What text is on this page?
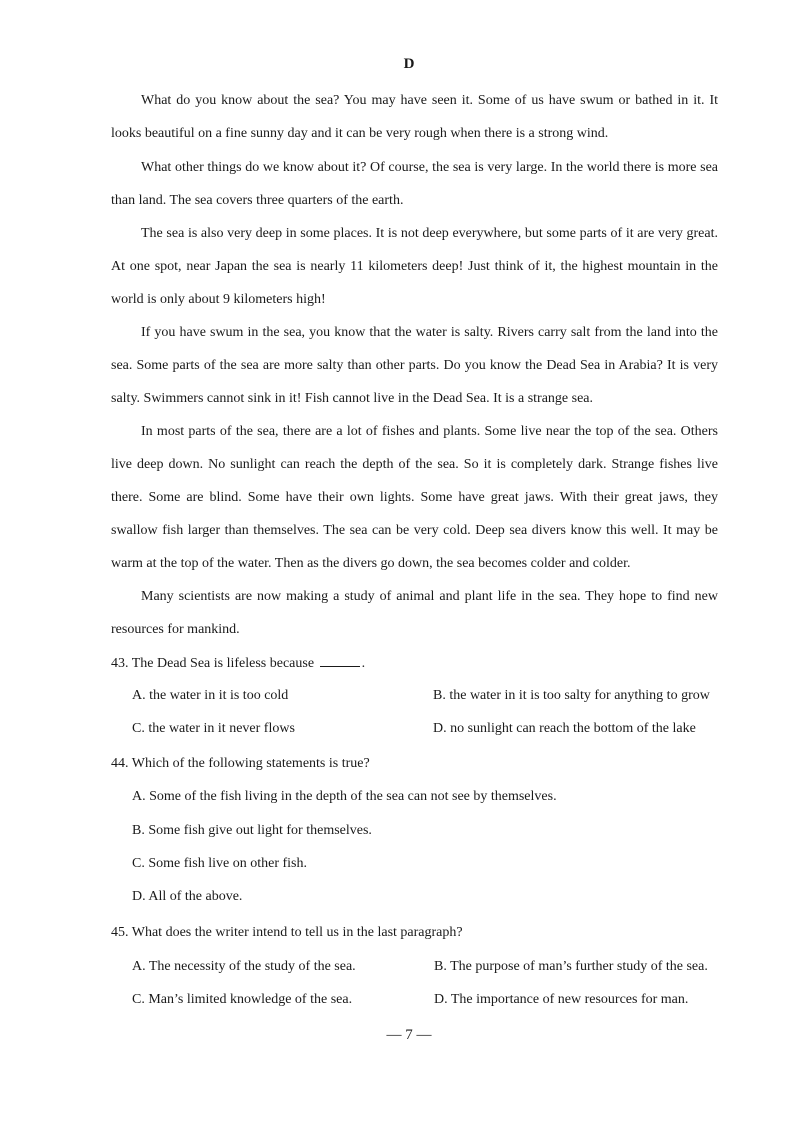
D

What do you know about the sea? You may have seen it. Some of us have swum or bathed in it. It looks beautiful on a fine sunny day and it can be very rough when there is a strong wind.

What other things do we know about it? Of course, the sea is very large. In the world there is more sea than land. The sea covers three quarters of the earth.

The sea is also very deep in some places. It is not deep everywhere, but some parts of it are very great. At one spot, near Japan the sea is nearly 11 kilometers deep! Just think of it, the highest mountain in the world is only about 9 kilometers high!

If you have swum in the sea, you know that the water is salty. Rivers carry salt from the land into the sea. Some parts of the sea are more salty than other parts. Do you know the Dead Sea in Arabia? It is very salty. Swimmers cannot sink in it! Fish cannot live in the Dead Sea. It is a strange sea.

In most parts of the sea, there are a lot of fishes and plants. Some live near the top of the sea. Others live deep down. No sunlight can reach the depth of the sea. So it is completely dark. Strange fishes live there. Some are blind. Some have their own lights. Some have great jaws. With their great jaws, they swallow fish larger than themselves. The sea can be very cold. Deep sea divers know this well. It may be warm at the top of the water. Then as the divers go down, the sea becomes colder and colder.

Many scientists are now making a study of animal and plant life in the sea. They hope to find new resources for mankind.

43. The Dead Sea is lifeless because	.
A. the water in it is too cold	B. the water in it is too salty for anything to grow
C. the water in it never flows	D. no sunlight can reach the bottom of the lake
44. Which of the following statements is true?
A. Some of the fish living in the depth of the sea can not see by themselves.
B. Some fish give out light for themselves.
C. Some fish live on other fish.
D. All of the above.
45. What does the writer intend to tell us in the last paragraph?
A. The necessity of the study of the sea.	B. The purpose of man’s further study of the sea.
C. Man’s limited knowledge of the sea.	D. The importance of new resources for man.
— 7 —
